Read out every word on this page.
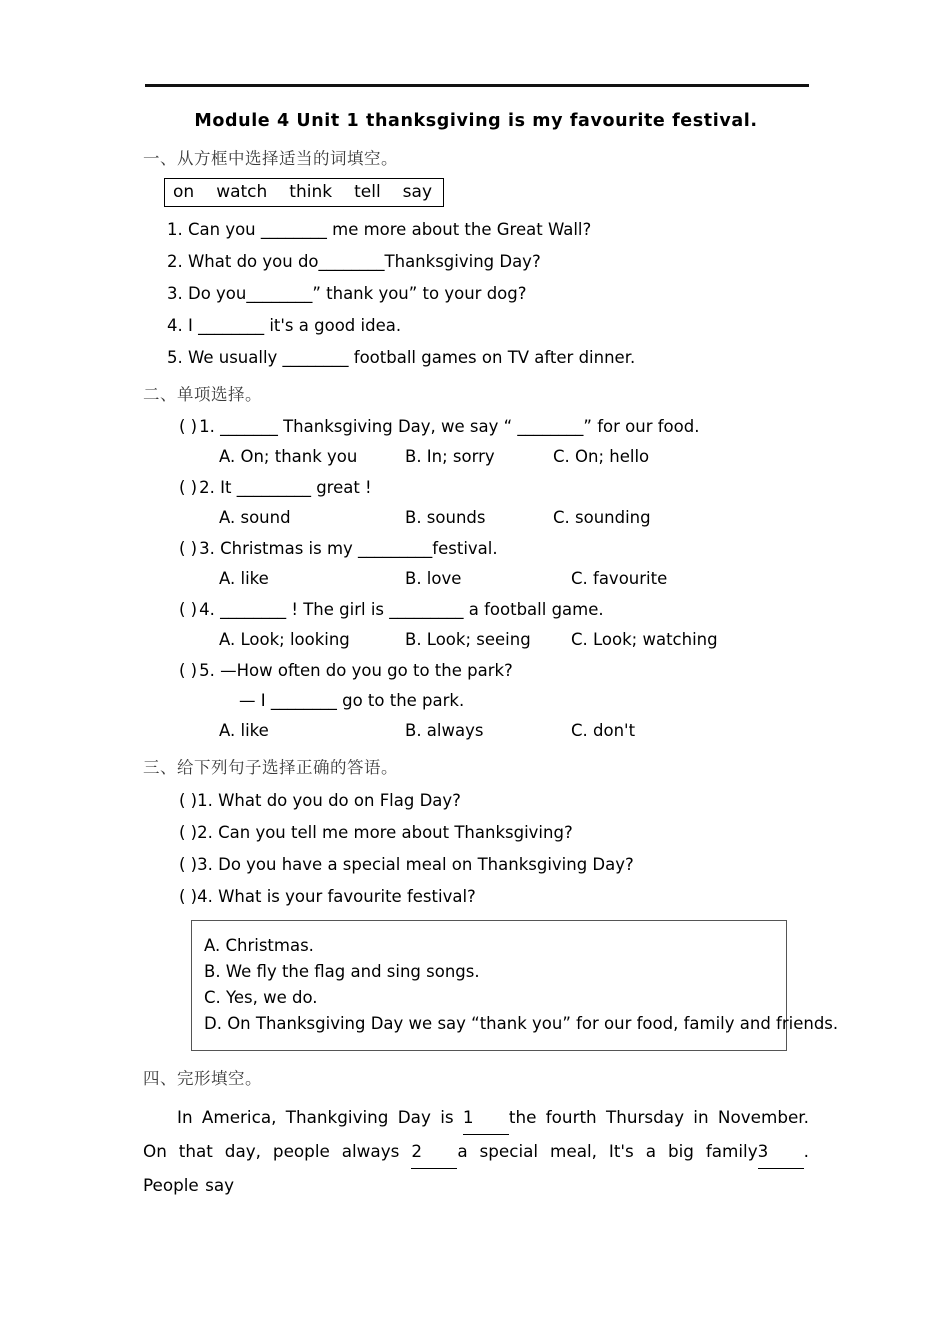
Module 4 Unit 1 thanksgiving is my favourite festival.
一、从方框中选择适当的词填空。
on watch think tell say
1. Can you ________ me more about the Great Wall?
2. What do you do________Thanksgiving Day?
3. Do you________” thank you” to your dog?
4. I ________ it's a good idea.
5. We usually ________ football games on TV after dinner.
二、单项选择。
( ) 1. _______ Thanksgiving Day, we say “ ________” for our food.
A. On; thank you	B. In; sorry	C. On; hello
( ) 2. It _________ great !
A. sound	B. sounds	C. sounding
( ) 3. Christmas is my _________festival.
A. like	B. love	C. favourite
( ) 4. ________ ! The girl is _________ a football game.
A. Look; looking	B. Look; seeing C. Look; watching
( ) 5. —How often do you go to the park?
— I ________ go to the park.
A. like	B. always	C. don't
三、给下列句子选择正确的答语。
( )1. What do you do on Flag Day?
( )2. Can you tell me more about Thanksgiving?
( )3. Do you have a special meal on Thanksgiving Day?
( )4. What is your favourite festival?
A. Christmas.
B. We fly the flag and sing songs.
C. Yes, we do.
D. On Thanksgiving Day we say “thank you” for our food, family and friends.
四、完形填空。
In America, Thankgiving Day is 1 the fourth Thursday in November. On that day, people always 2 a special meal, It's a big family3 . People say
